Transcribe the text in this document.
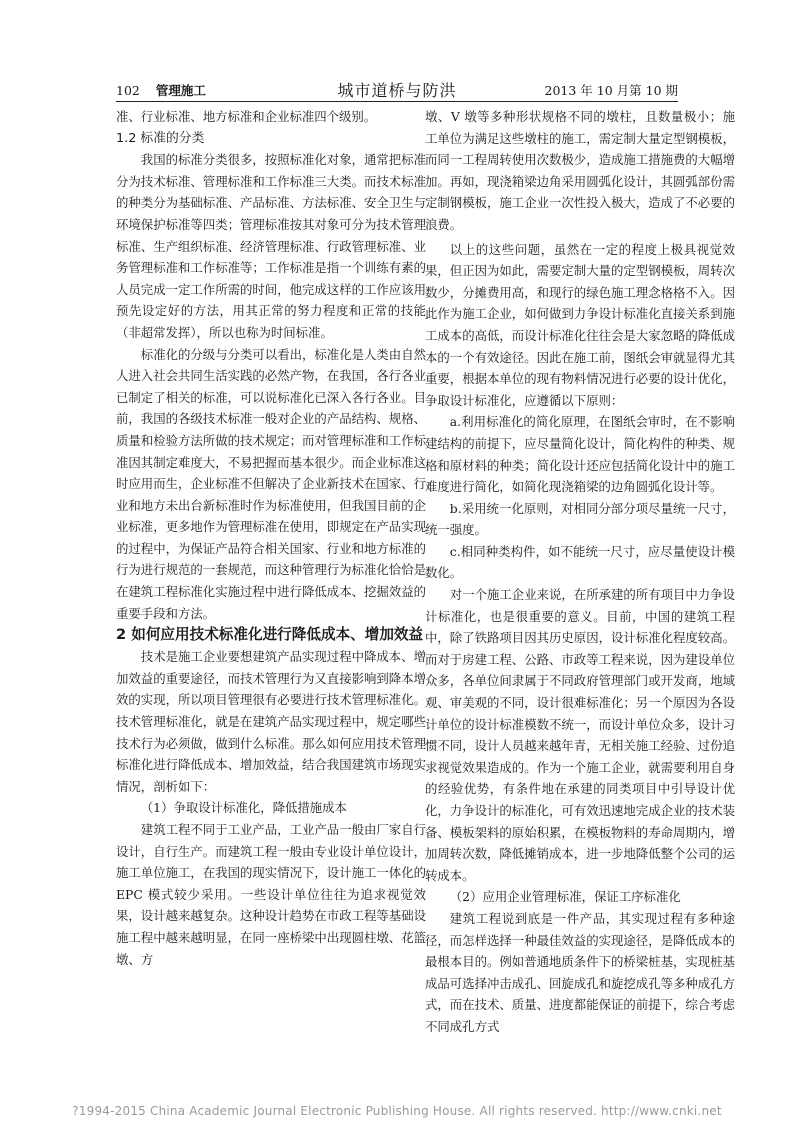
102 管理施工	城市道桥与防洪	2013 年 10 月第 10 期

准、行业标准、地方标准和企业标准四个级别。

1.2 标准的分类

我国的标准分类很多，按照标准化对象，通常把标准分为技术标准、管理标准和工作标准三大类。而技术标准的种类分为基础标准、产品标准、方法标准、安全卫生与环境保护标准等四类；管理标准按其对象可分为技术管理标准、生产组织标准、经济管理标准、行政管理标准、业务管理标准和工作标准等；工作标准是指一个训练有素的人员完成一定工作所需的时间，他完成这样的工作应该用预先设定好的方法，用其正常的努力程度和正常的技能（非超常发挥），所以也称为时间标准。

标准化的分级与分类可以看出，标准化是人类由自然人进入社会共同生活实践的必然产物，在我国，各行各业已制定了相关的标准，可以说标准化已深入各行各业。目前，我国的各级技术标准一般对企业的产品结构、规格、质量和检验方法所做的技术规定；而对管理标准和工作标准因其制定难度大，不易把握而基本很少。而企业标准这时应用而生，企业标准不但解决了企业新技术在国家、行业和地方未出台新标准时作为标准使用，但我国目前的企业标准，更多地作为管理标准在使用，即规定在产品实现的过程中，为保证产品符合相关国家、行业和地方标准的行为进行规范的一套规范，而这种管理行为标准化恰恰是在建筑工程标准化实施过程中进行降低成本、挖掘效益的重要手段和方法。

2 如何应用技术标准化进行降低成本、增加效益

技术是施工企业要想建筑产品实现过程中降成本、增加效益的重要途径，而技术管理行为又直接影响到降本增效的实现，所以项目管理很有必要进行技术管理标准化。技术管理标准化，就是在建筑产品实现过程中，规定哪些技术行为必须做，做到什么标准。那么如何应用技术管理标准化进行降低成本、增加效益，结合我国建筑市场现实情况，剖析如下：

（1）争取设计标准化，降低措施成本

建筑工程不同于工业产品，工业产品一般由厂家自行设计，自行生产。而建筑工程一般由专业设计单位设计，施工单位施工，在我国的现实情况下，设计施工一体化的 EPC 模式较少采用。一些设计单位往往为追求视觉效果，设计越来越复杂。这种设计趋势在市政工程等基础设施工程中越来越明显，在同一座桥梁中出现圆柱墩、花篮墩、方

墩、V 墩等多种形状规格不同的墩柱，且数量极小；施工单位为满足这些墩柱的施工，需定制大量定型钢模板，而同一工程周转使用次数极少，造成施工措施费的大幅增加。再如，现浇箱梁边角采用圆弧化设计，其圆弧部份需定制钢模板，施工企业一次性投入极大，造成了不必要的浪费。

以上的这些问题，虽然在一定的程度上极具视觉效果，但正因为如此，需要定制大量的定型钢模板，周转次数少，分摊费用高，和现行的绿色施工理念格格不入。因此作为施工企业，如何做到力争设计标准化直接关系到施工成本的高低，而设计标准化往往会是大家忽略的降低成本的一个有效途径。因此在施工前，图纸会审就显得尤其重要，根据本单位的现有物料情况进行必要的设计优化，争取设计标准化，应遵循以下原则：

a.利用标准化的简化原理，在图纸会审时，在不影响建结构的前提下，应尽量简化设计，简化构件的种类、规格和原材料的种类；简化设计还应包括简化设计中的施工难度进行简化，如简化现浇箱梁的边角圆弧化设计等。

b.采用统一化原则，对相同分部分项尽量统一尺寸，统一强度。

c.相同种类构件，如不能统一尺寸，应尽量使设计模数化。

对一个施工企业来说，在所承建的所有项目中力争设计标准化，也是很重要的意义。目前，中国的建筑工程中，除了铁路项目因其历史原因，设计标准化程度较高。而对于房建工程、公路、市政等工程来说，因为建设单位众多，各单位间隶属于不同政府管理部门或开发商，地域观、审美观的不同，设计很难标准化；另一个原因为各设计单位的设计标准模数不统一，而设计单位众多，设计习惯不同，设计人员越来越年青，无相关施工经验、过份追求视觉效果造成的。作为一个施工企业，就需要利用自身的经验优势，有条件地在承建的同类项目中引导设计优化，力争设计的标准化，可有效迅速地完成企业的技术装备、模板架料的原始积累，在模板物料的寿命周期内，增加周转次数，降低摊销成本，进一步地降低整个公司的运转成本。

（2）应用企业管理标准，保证工序标准化

建筑工程说到底是一件产品，其实现过程有多种途径，而怎样选择一种最佳效益的实现途径，是降低成本的最根本目的。例如普通地质条件下的桥梁桩基，实现桩基成品可选择冲击成孔、回旋成孔和旋挖成孔等多种成孔方式，而在技术、质量、进度都能保证的前提下，综合考虑不同成孔方式

?1994-2015 China Academic Journal Electronic Publishing House. All rights reserved. http://www.cnki.net
